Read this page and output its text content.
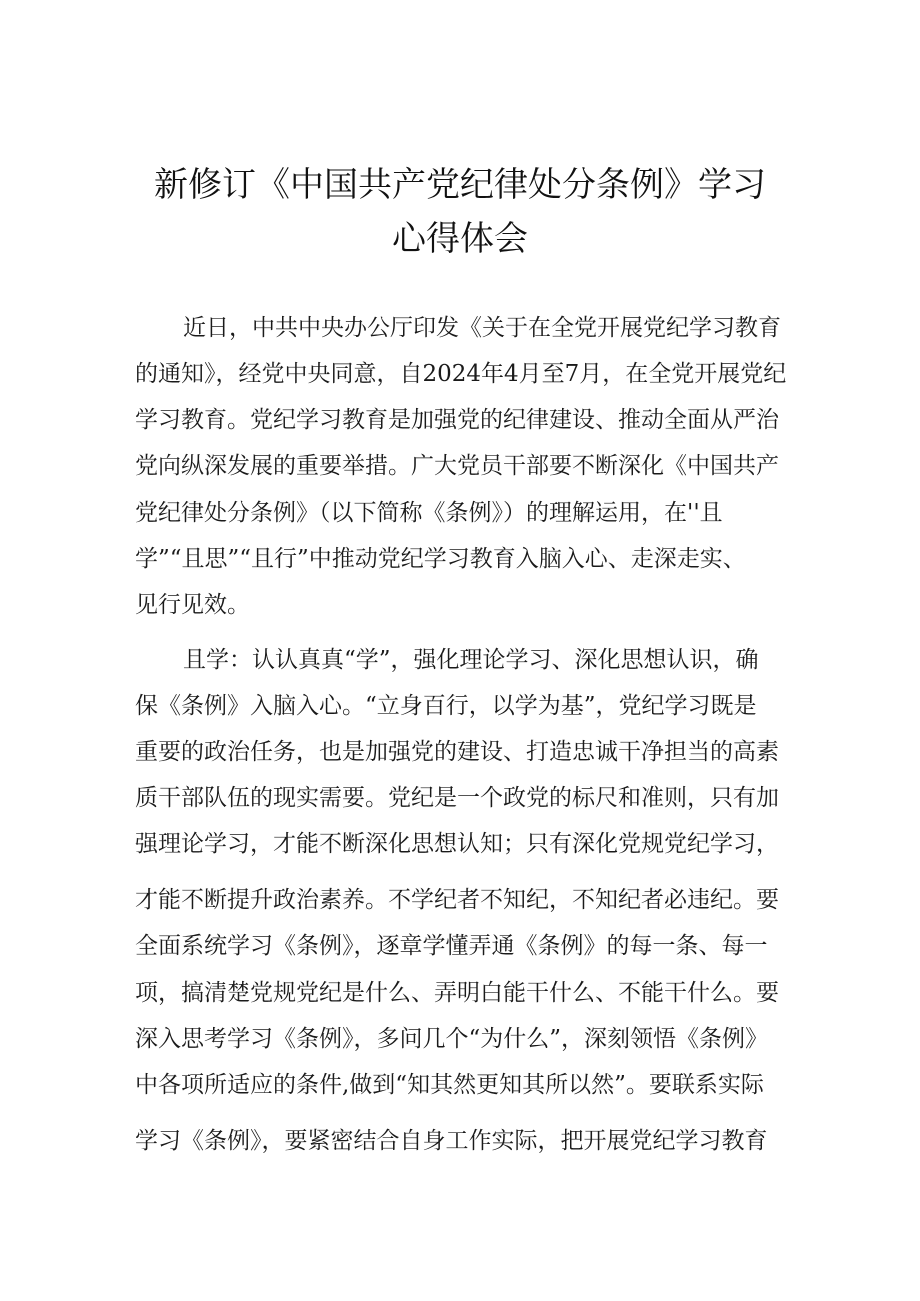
新修订《中国共产党纪律处分条例》学习
心得体会
近日，中共中央办公厅印发《关于在全党开展党纪学习教育
的通知》，经党中央同意，自2024年4月至7月，在全党开展党纪
学习教育。党纪学习教育是加强党的纪律建设、推动全面从严治
党向纵深发展的重要举措。广大党员干部要不断深化《中国共产
党纪律处分条例》（以下简称《条例》）的理解运用，在''且
学”“且思”“且行”中推动党纪学习教育入脑入心、走深走实、
见行见效。
且学：认认真真“学”，强化理论学习、深化思想认识，确
保《条例》入脑入心。“立身百行，以学为基”，党纪学习既是
重要的政治任务，也是加强党的建设、打造忠诚干净担当的高素
质干部队伍的现实需要。党纪是一个政党的标尺和准则，只有加
强理论学习，才能不断深化思想认知；只有深化党规党纪学习，
才能不断提升政治素养。不学纪者不知纪，不知纪者必违纪。要
全面系统学习《条例》，逐章学懂弄通《条例》的每一条、每一
项，搞清楚党规党纪是什么、弄明白能干什么、不能干什么。要
深入思考学习《条例》，多问几个“为什么”，深刻领悟《条例》
中各项所适应的条件,做到“知其然更知其所以然”。要联系实际
学习《条例》，要紧密结合自身工作实际，把开展党纪学习教育
